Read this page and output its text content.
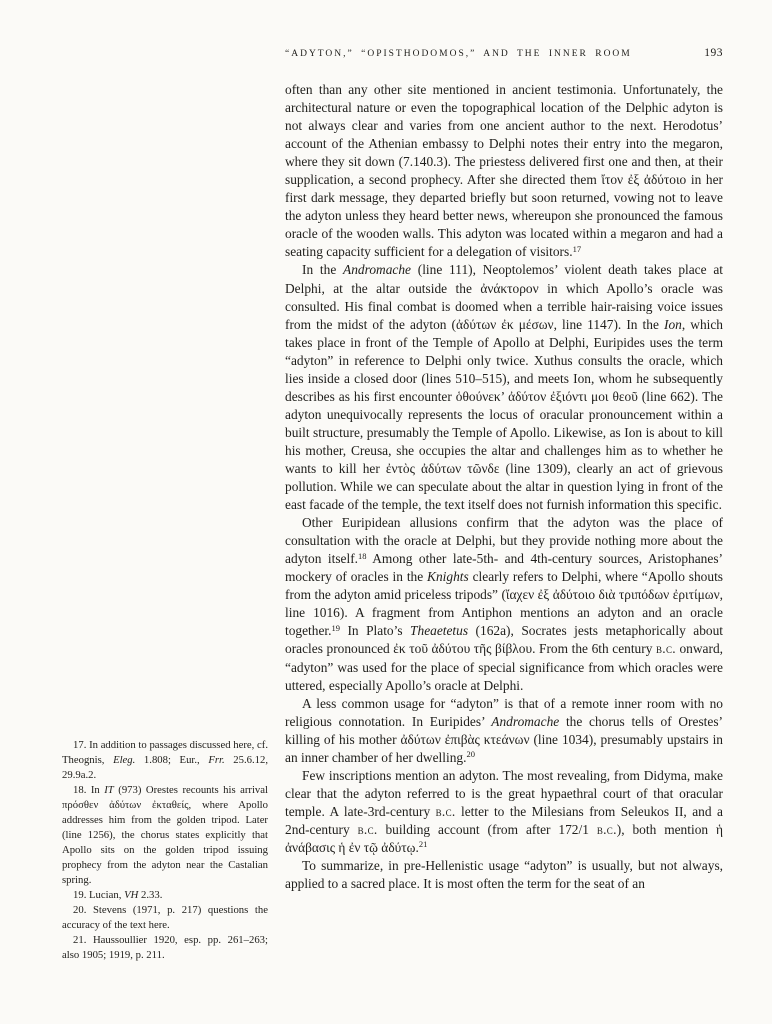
“ADYTON,” “OPISTHODOMOS,” AND THE INNER ROOM	193

17. In addition to passages discussed here, cf. Theognis, Eleg. 1.808; Eur., Frr. 25.6.12, 29.9a.2.

18. In IT (973) Orestes recounts his arrival πρόσθεν ἀδύτων ἐκταθείς, where Apollo addresses him from the golden tripod. Later (line 1256), the chorus states explicitly that Apollo sits on the golden tripod issuing prophecy from the adyton near the Castalian spring.

19. Lucian, VH 2.33.

20. Stevens (1971, p. 217) questions the accuracy of the text here.

21. Haussoullier 1920, esp. pp. 261–263; also 1905; 1919, p. 211.

often than any other site mentioned in ancient testimonia. Unfortunately, the architectural nature or even the topographical location of the Delphic adyton is not always clear and varies from one ancient author to the next. Herodotus’ account of the Athenian embassy to Delphi notes their entry into the megaron, where they sit down (7.140.3). The priestess delivered first one and then, at their supplication, a second prophecy. After she directed them ἴτον ἐξ ἀδύτοιο in her first dark message, they departed briefly but soon returned, vowing not to leave the adyton unless they heard better news, whereupon she pronounced the famous oracle of the wooden walls. This adyton was located within a megaron and had a seating capacity sufficient for a delegation of visitors.$^{17}$

In the Andromache (line 111), Neoptolemos’ violent death takes place at Delphi, at the altar outside the ἀνάκτορον in which Apollo’s oracle was consulted. His final combat is doomed when a terrible hair-raising voice issues from the midst of the adyton (ἀδύτων ἐκ μέσων, line 1147). In the Ion, which takes place in front of the Temple of Apollo at Delphi, Euripides uses the term “adyton” in reference to Delphi only twice. Xuthus consults the oracle, which lies inside a closed door (lines 510–515), and meets Ion, whom he subsequently describes as his first encounter ὁθούνεκ’ ἀδύτον ἐξιόντι μοι θεοῦ (line 662). The adyton unequivocally represents the locus of oracular pronouncement within a built structure, presumably the Temple of Apollo. Likewise, as Ion is about to kill his mother, Creusa, she occupies the altar and challenges him as to whether he wants to kill her ἐντὸς ἀδύτων τῶνδε (line 1309), clearly an act of grievous pollution. While we can speculate about the altar in question lying in front of the east facade of the temple, the text itself does not furnish information this specific.

Other Euripidean allusions confirm that the adyton was the place of consultation with the oracle at Delphi, but they provide nothing more about the adyton itself.$^{18}$ Among other late-5th- and 4th-century sources, Aristophanes’ mockery of oracles in the Knights clearly refers to Delphi, where “Apollo shouts from the adyton amid priceless tripods” (ἴαχεν ἐξ ἀδύτοιο διὰ τριπόδων ἐριτίμων, line 1016). A fragment from Antiphon mentions an adyton and an oracle together.$^{19}$ In Plato’s Theaetetus (162a), Socrates jests metaphorically about oracles pronounced ἐκ τοῦ ἀδύτου τῆς βίβλου. From the 6th century b.c. onward, “adyton” was used for the place of special significance from which oracles were uttered, especially Apollo’s oracle at Delphi.

A less common usage for “adyton” is that of a remote inner room with no religious connotation. In Euripides’ Andromache the chorus tells of Orestes’ killing of his mother ἀδύτων ἐπιβὰς κτεάνων (line 1034), presumably upstairs in an inner chamber of her dwelling.$^{20}$

Few inscriptions mention an adyton. The most revealing, from Didyma, make clear that the adyton referred to is the great hypaethral court of that oracular temple. A late-3rd-century b.c. letter to the Milesians from Seleukos II, and a 2nd-century b.c. building account (from after 172/1 b.c.), both mention ἡ ἀνάβασις ἡ ἐν τῷ ἀδύτῳ.$^{21}$

To summarize, in pre-Hellenistic usage “adyton” is usually, but not always, applied to a sacred place. It is most often the term for the seat of an
